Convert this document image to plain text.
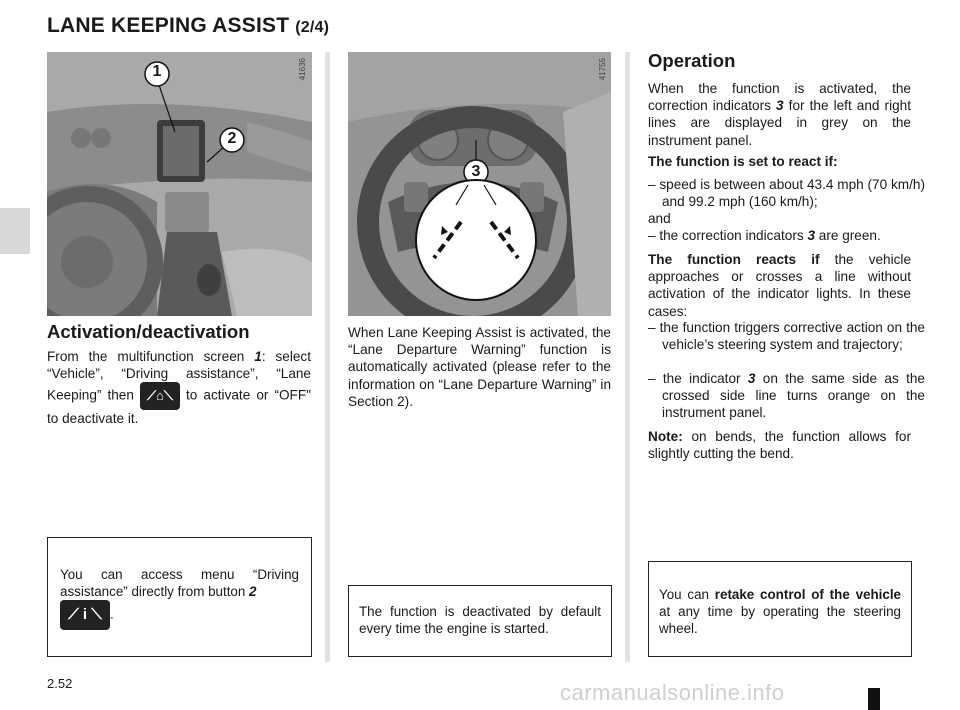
LANE KEEPING ASSIST (2/4)
1
2
41636
3
41755
Activation/deactivation
From the multifunction screen 1: select “Vehicle”, “Driving assistance”, “Lane Keeping” then ⟋⌂⟍ to activate or “OFF" to deactivate it.
You can access menu “Driving assistance” directly from button 2
⟋ i ⟍ .
When Lane Keeping Assist is activated, the “Lane Departure Warning” function is automatically activated (please refer to the information on “Lane Departure Warning” in Section 2).
The function is deactivated by default every time the engine is started.
Operation
When the function is activated, the correction indicators 3 for the left and right lines are displayed in grey on the instrument panel.
The function is set to react if:
– speed is between about 43.4 mph (70 km/h) and 99.2 mph (160 km/h);
and
– the correction indicators 3 are green.
The function reacts if the vehicle approaches or crosses a line without activation of the indicator lights. In these cases:
– the function triggers corrective action on the vehicle’s steering system and trajectory;
– the indicator 3 on the same side as the crossed side line turns orange on the instrument panel.
Note: on bends, the function allows for slightly cutting the bend.
You can retake control of the vehicle at any time by operating the steering wheel.
2.52	carmanualsonline.info
